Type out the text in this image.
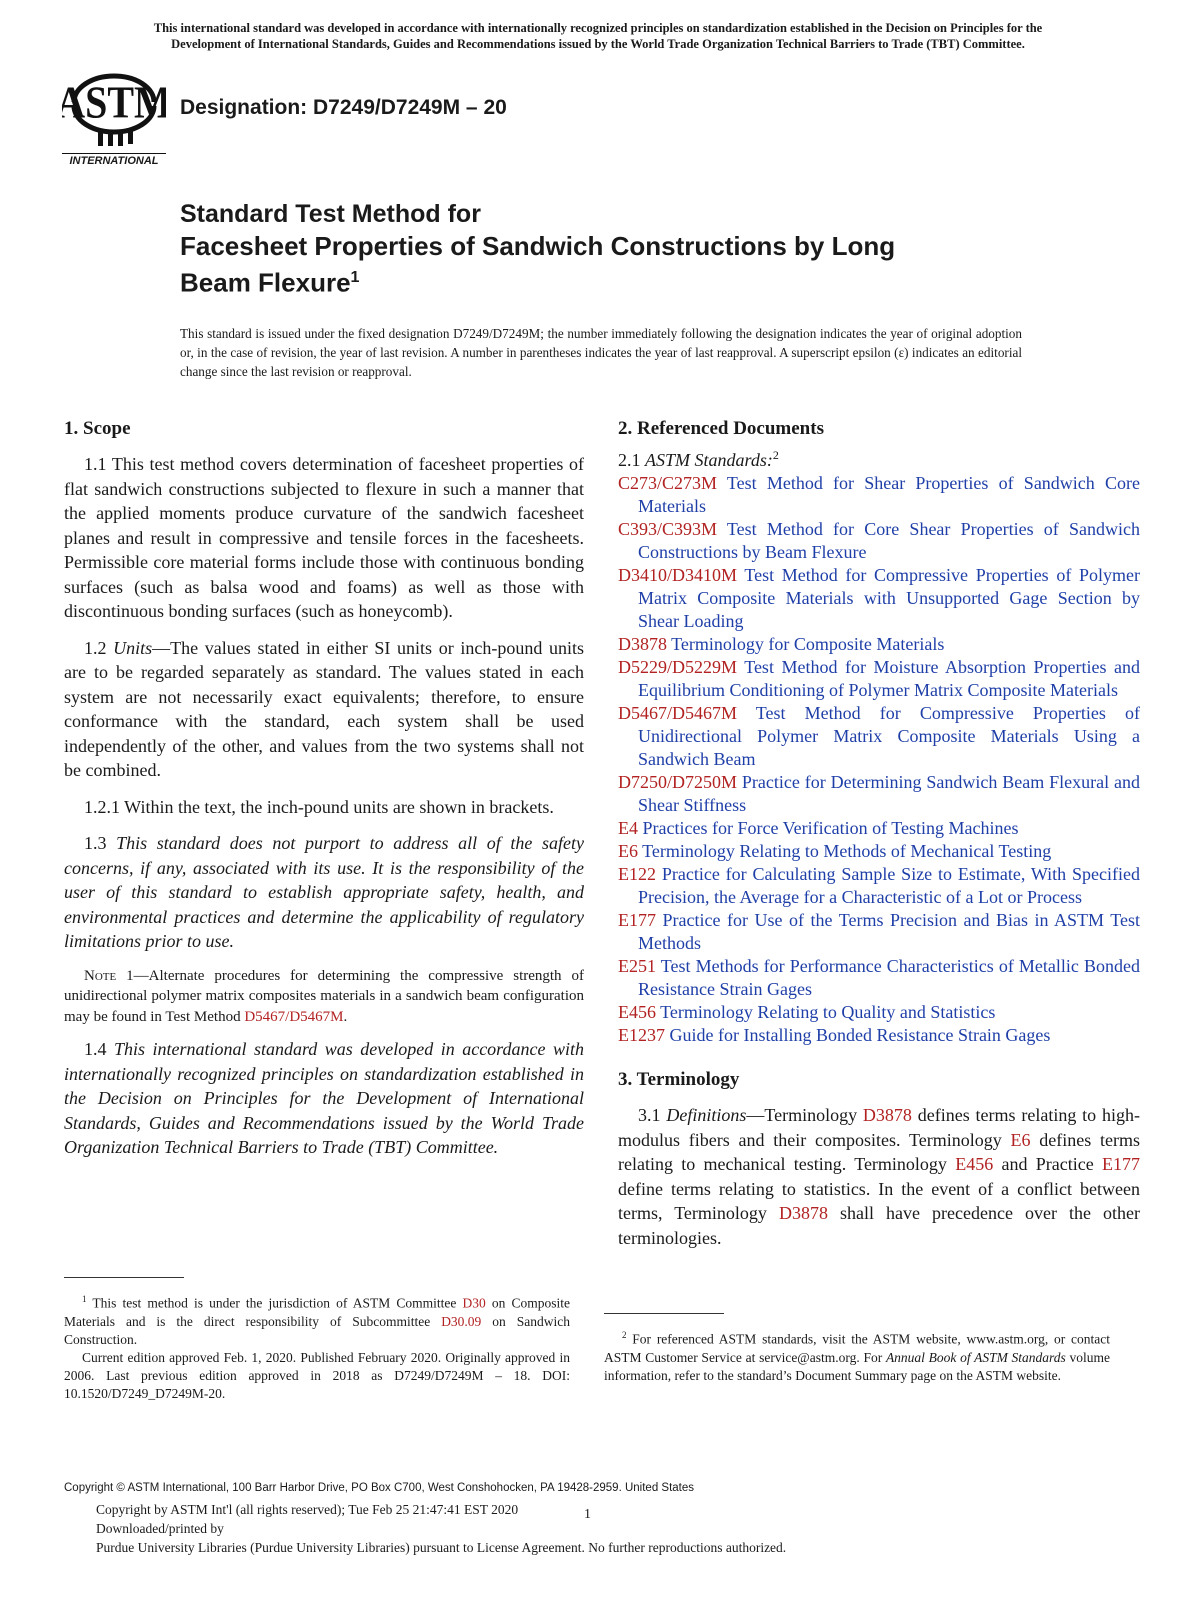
This international standard was developed in accordance with internationally recognized principles on standardization established in the Decision on Principles for the
Development of International Standards, Guides and Recommendations issued by the World Trade Organization Technical Barriers to Trade (TBT) Committee.
ASTM
INTERNATIONAL
Designation: D7249/D7249M – 20
Standard Test Method for
Facesheet Properties of Sandwich Constructions by Long
Beam Flexure$^1$
This standard is issued under the fixed designation D7249/D7249M; the number immediately following the designation indicates the year of original adoption or, in the case of revision, the year of last revision. A number in parentheses indicates the year of last reapproval. A superscript epsilon (ε) indicates an editorial change since the last revision or reapproval.
1. Scope

1.1 This test method covers determination of facesheet properties of flat sandwich constructions subjected to flexure in such a manner that the applied moments produce curvature of the sandwich facesheet planes and result in compressive and tensile forces in the facesheets. Permissible core material forms include those with continuous bonding surfaces (such as balsa wood and foams) as well as those with discontinuous bonding surfaces (such as honeycomb).

1.2 Units—The values stated in either SI units or inch-pound units are to be regarded separately as standard. The values stated in each system are not necessarily exact equivalents; therefore, to ensure conformance with the standard, each system shall be used independently of the other, and values from the two systems shall not be combined.

1.2.1 Within the text, the inch-pound units are shown in brackets.

1.3 This standard does not purport to address all of the safety concerns, if any, associated with its use. It is the responsibility of the user of this standard to establish appropriate safety, health, and environmental practices and determine the applicability of regulatory limitations prior to use.

Note 1—Alternate procedures for determining the compressive strength of unidirectional polymer matrix composites materials in a sandwich beam configuration may be found in Test Method D5467/D5467M.

1.4 This international standard was developed in accordance with internationally recognized principles on standardization established in the Decision on Principles for the Development of International Standards, Guides and Recommendations issued by the World Trade Organization Technical Barriers to Trade (TBT) Committee.

2. Referenced Documents
2.1 ASTM Standards:$^2$

C273/C273M Test Method for Shear Properties of Sandwich Core Materials

C393/C393M Test Method for Core Shear Properties of Sandwich Constructions by Beam Flexure

D3410/D3410M Test Method for Compressive Properties of Polymer Matrix Composite Materials with Unsupported Gage Section by Shear Loading

D3878 Terminology for Composite Materials

D5229/D5229M Test Method for Moisture Absorption Properties and Equilibrium Conditioning of Polymer Matrix Composite Materials

D5467/D5467M Test Method for Compressive Properties of Unidirectional Polymer Matrix Composite Materials Using a Sandwich Beam

D7250/D7250M Practice for Determining Sandwich Beam Flexural and Shear Stiffness

E4 Practices for Force Verification of Testing Machines

E6 Terminology Relating to Methods of Mechanical Testing

E122 Practice for Calculating Sample Size to Estimate, With Specified Precision, the Average for a Characteristic of a Lot or Process

E177 Practice for Use of the Terms Precision and Bias in ASTM Test Methods

E251 Test Methods for Performance Characteristics of Metallic Bonded Resistance Strain Gages

E456 Terminology Relating to Quality and Statistics

E1237 Guide for Installing Bonded Resistance Strain Gages

3. Terminology

3.1 Definitions—Terminology D3878 defines terms relating to high-modulus fibers and their composites. Terminology E6 defines terms relating to mechanical testing. Terminology E456 and Practice E177 define terms relating to statistics. In the event of a conflict between terms, Terminology D3878 shall have precedence over the other terminologies.

$^1$ This test method is under the jurisdiction of ASTM Committee D30 on Composite Materials and is the direct responsibility of Subcommittee D30.09 on Sandwich Construction.

Current edition approved Feb. 1, 2020. Published February 2020. Originally approved in 2006. Last previous edition approved in 2018 as D7249/D7249M – 18. DOI: 10.1520/D7249_D7249M-20.

$^2$ For referenced ASTM standards, visit the ASTM website, www.astm.org, or contact ASTM Customer Service at service@astm.org. For Annual Book of ASTM Standards volume information, refer to the standard’s Document Summary page on the ASTM website.

Copyright © ASTM International, 100 Barr Harbor Drive, PO Box C700, West Conshohocken, PA 19428-2959. United States
Copyright by ASTM Int'l (all rights reserved); Tue Feb 25 21:47:41 EST 2020
Downloaded/printed by
Purdue University Libraries (Purdue University Libraries) pursuant to License Agreement. No further reproductions authorized.
1
